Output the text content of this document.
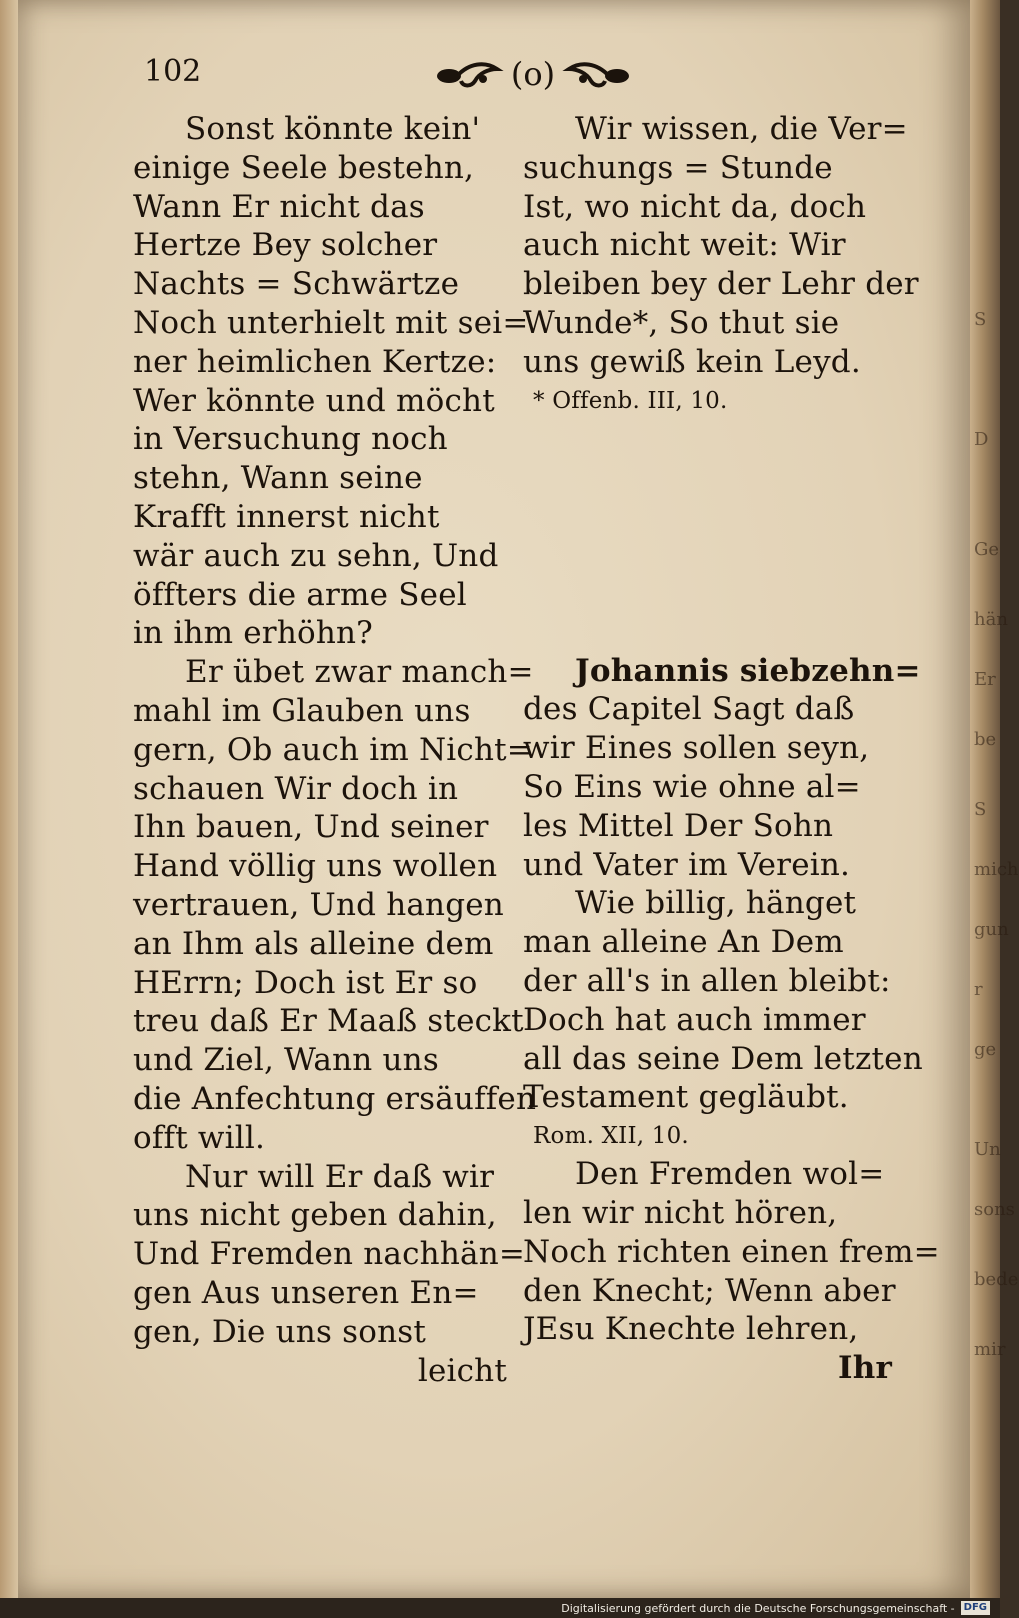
102	(o)
Sonst könnte kein'
einige Seele bestehn,
Wann Er nicht das
Hertze Bey solcher
Nachts = Schwärtze
Noch unterhielt mit sei=
ner heimlichen Kertze:
Wer könnte und möcht
in Versuchung noch
stehn, Wann seine
Krafft innerst nicht
wär auch zu sehn, Und
öffters die arme Seel
in ihm erhöhn?
Er übet zwar manch=
mahl im Glauben uns
gern, Ob auch im Nicht=
schauen Wir doch in
Ihn bauen, Und seiner
Hand völlig uns wollen
vertrauen, Und hangen
an Ihm als alleine dem
HErrn; Doch ist Er so
treu daß Er Maaß steckt
und Ziel, Wann uns
die Anfechtung ersäuffen
offt will.
Nur will Er daß wir
uns nicht geben dahin,
Und Fremden nachhän=
gen Aus unseren En=
gen, Die uns sonst
leicht
Wir wissen, die Ver=
suchungs = Stunde
Ist, wo nicht da, doch
auch nicht weit: Wir
bleiben bey der Lehr der
Wunde*, So thut sie
uns gewiß kein Leyd.
* Offenb. III, 10.
Johannis siebzehn=
des Capitel Sagt daß
wir Eines sollen seyn,
So Eins wie ohne al=
les Mittel Der Sohn
und Vater im Verein.
Wie billig, hänget
man alleine An Dem
der all's in allen bleibt:
Doch hat auch immer
all das seine Dem letzten
Testament gegläubt.
Rom. XII, 10.
Den Fremden wol=
len wir nicht hören,
Noch richten einen frem=
den Knecht; Wenn aber
JEsu Knechte lehren,
Ihr
S
D
Ge
hän
Er
be
S
mich
gun
r
ge
Un
sons
bede
mir
Digitalisierung gefördert durch die Deutsche Forschungsgemeinschaft - DFG
